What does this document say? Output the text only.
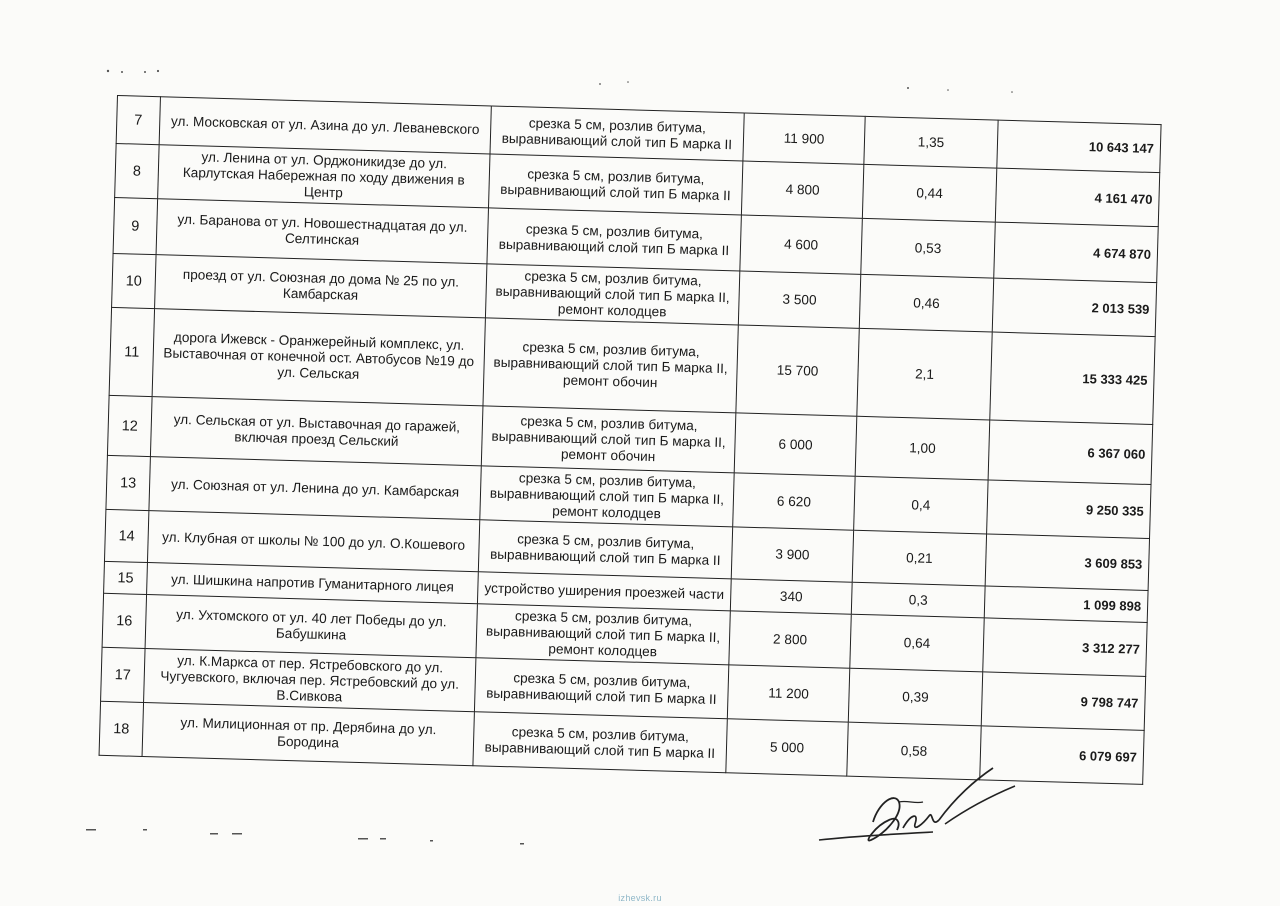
7	ул. Московская от ул. Азина до ул. Леваневского	срезка 5 см, розлив битума, выравнивающий слой тип Б марка II	11 900	1,35	10 643 147
8	ул. Ленина от ул. Орджоникидзе до ул. Карлутская Набережная по ходу движения в Центр	срезка 5 см, розлив битума, выравнивающий слой тип Б марка II	4 800	0,44	4 161 470
9	ул. Баранова от ул. Новошестнадцатая до ул. Селтинская	срезка 5 см, розлив битума, выравнивающий слой тип Б марка II	4 600	0,53	4 674 870
10	проезд от ул. Союзная до дома № 25 по ул. Камбарская	срезка 5 см, розлив битума, выравнивающий слой тип Б марка II, ремонт колодцев	3 500	0,46	2 013 539
11	дорога Ижевск - Оранжерейный комплекс, ул. Выставочная от конечной ост. Автобусов №19 до ул. Сельская	срезка 5 см, розлив битума, выравнивающий слой тип Б марка II, ремонт обочин	15 700	2,1	15 333 425
12	ул. Сельская от ул. Выставочная до гаражей, включая проезд Сельский	срезка 5 см, розлив битума, выравнивающий слой тип Б марка II, ремонт обочин	6 000	1,00	6 367 060
13	ул. Союзная от ул. Ленина до ул. Камбарская	срезка 5 см, розлив битума, выравнивающий слой тип Б марка II, ремонт колодцев	6 620	0,4	9 250 335
14	ул. Клубная от школы № 100 до ул. О.Кошевого	срезка 5 см, розлив битума, выравнивающий слой тип Б марка II	3 900	0,21	3 609 853
15	ул. Шишкина напротив Гуманитарного лицея	устройство уширения проезжей части	340	0,3	1 099 898
16	ул. Ухтомского от ул. 40 лет Победы до ул. Бабушкина	срезка 5 см, розлив битума, выравнивающий слой тип Б марка II, ремонт колодцев	2 800	0,64	3 312 277
17	ул. К.Маркса от пер. Ястребовского до ул. Чугуевского, включая пер. Ястребовский до ул. В.Сивкова	срезка 5 см, розлив битума, выравнивающий слой тип Б марка II	11 200	0,39	9 798 747
18	ул. Милиционная от пр. Дерябина до ул. Бородина	срезка 5 см, розлив битума, выравнивающий слой тип Б марка II	5 000	0,58	6 079 697
izhevsk.ru
